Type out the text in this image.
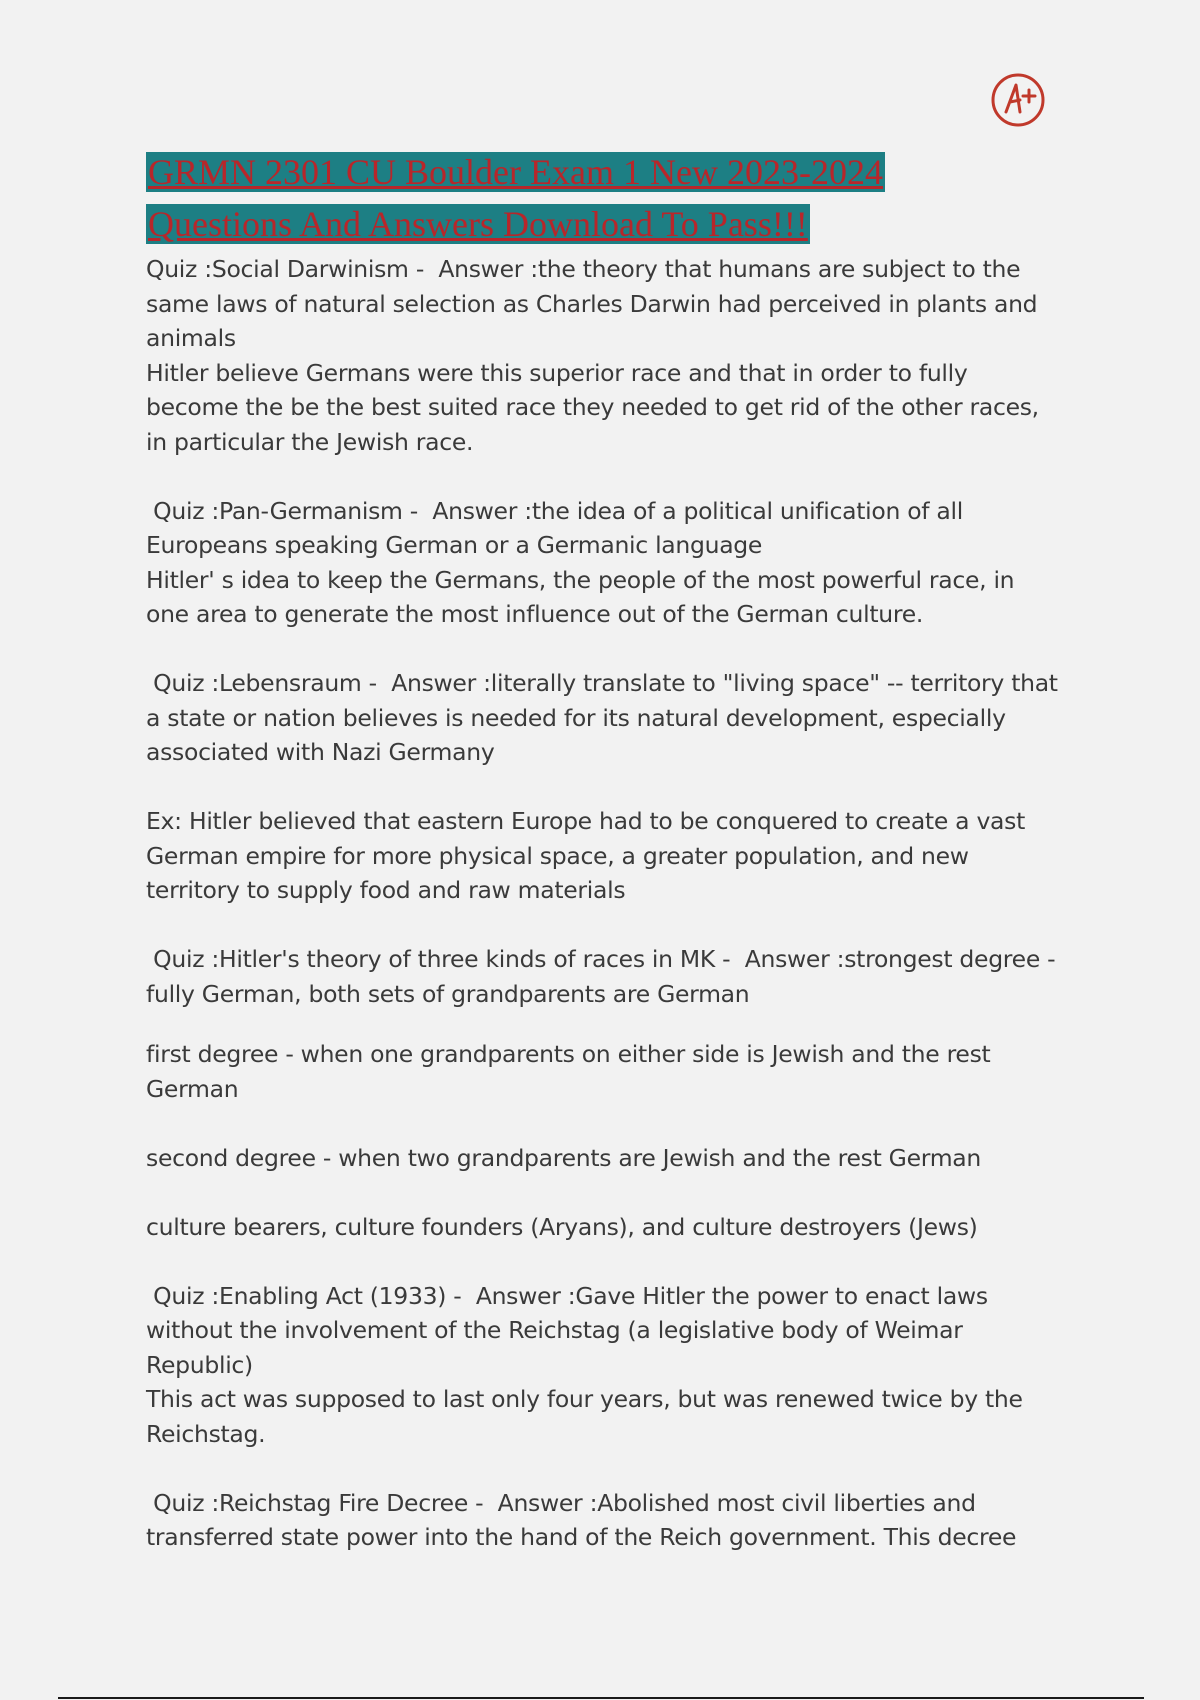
GRMN 2301 CU Boulder Exam 1 New 2023-2024
Questions And Answers Download To Pass!!!

Quiz :Social Darwinism -  Answer :the theory that humans are subject to the
same laws of natural selection as Charles Darwin had perceived in plants and
animals
Hitler believe Germans were this superior race and that in order to fully
become the be the best suited race they needed to get rid of the other races,
in particular the Jewish race.

Quiz :Pan-Germanism -  Answer :the idea of a political unification of all
Europeans speaking German or a Germanic language
Hitler' s idea to keep the Germans, the people of the most powerful race, in
one area to generate the most influence out of the German culture.

Quiz :Lebensraum -  Answer :literally translate to "living space" -- territory that
a state or nation believes is needed for its natural development, especially
associated with Nazi Germany

Ex: Hitler believed that eastern Europe had to be conquered to create a vast
German empire for more physical space, a greater population, and new
territory to supply food and raw materials

Quiz :Hitler's theory of three kinds of races in MK -  Answer :strongest degree -
fully German, both sets of grandparents are German

first degree - when one grandparents on either side is Jewish and the rest
German

second degree - when two grandparents are Jewish and the rest German

culture bearers, culture founders (Aryans), and culture destroyers (Jews)

Quiz :Enabling Act (1933) -  Answer :Gave Hitler the power to enact laws
without the involvement of the Reichstag (a legislative body of Weimar
Republic)
This act was supposed to last only four years, but was renewed twice by the
Reichstag.

Quiz :Reichstag Fire Decree -  Answer :Abolished most civil liberties and
transferred state power into the hand of the Reich government. This decree
